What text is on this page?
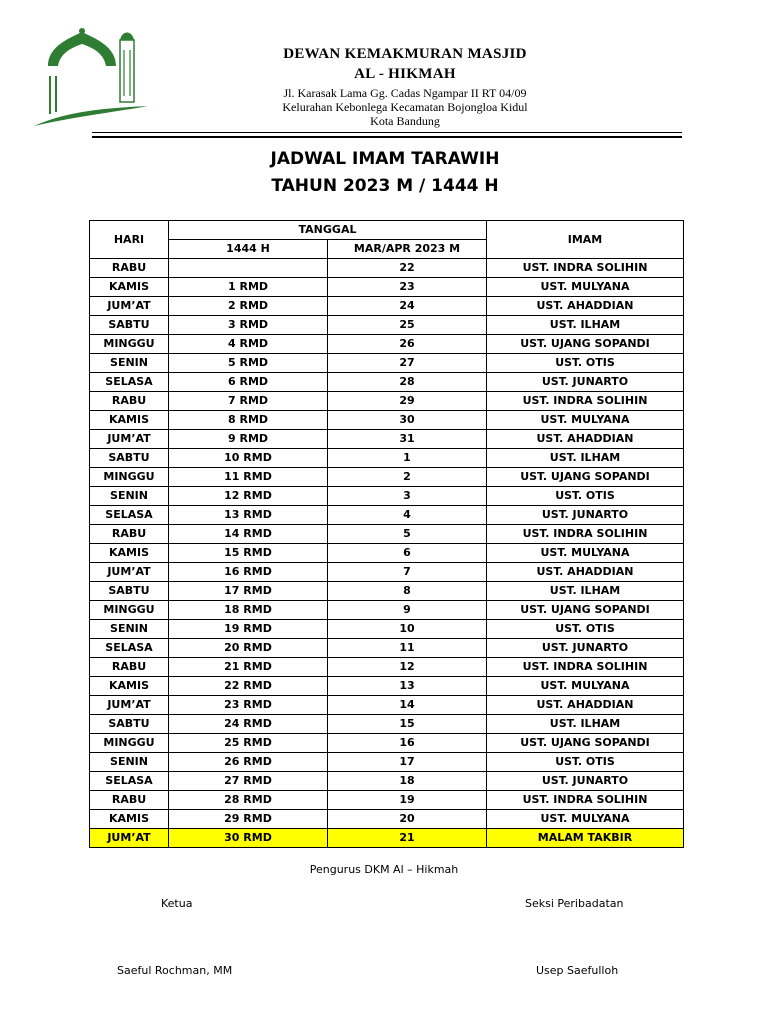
DEWAN KEMAKMURAN MASJID
AL - HIKMAH
Jl. Karasak Lama Gg. Cadas Ngampar II RT 04/09
Kelurahan Kebonlega Kecamatan Bojongloa Kidul
Kota Bandung
JADWAL IMAM TARAWIH
TAHUN 2023 M / 1444 H
HARI	TANGGAL		IMAM
	1444 H	MAR/APR 2023 M	
RABU		22	UST. INDRA SOLIHIN
KAMIS	1 RMD	23	UST. MULYANA
JUM’AT	2 RMD	24	UST. AHADDIAN
SABTU	3 RMD	25	UST. ILHAM
MINGGU	4 RMD	26	UST. UJANG SOPANDI
SENIN	5 RMD	27	UST. OTIS
SELASA	6 RMD	28	UST. JUNARTO
RABU	7 RMD	29	UST. INDRA SOLIHIN
KAMIS	8 RMD	30	UST. MULYANA
JUM’AT	9 RMD	31	UST. AHADDIAN
SABTU	10 RMD	1	UST. ILHAM
MINGGU	11 RMD	2	UST. UJANG SOPANDI
SENIN	12 RMD	3	UST. OTIS
SELASA	13 RMD	4	UST. JUNARTO
RABU	14 RMD	5	UST. INDRA SOLIHIN
KAMIS	15 RMD	6	UST. MULYANA
JUM’AT	16 RMD	7	UST. AHADDIAN
SABTU	17 RMD	8	UST. ILHAM
MINGGU	18 RMD	9	UST. UJANG SOPANDI
SENIN	19 RMD	10	UST. OTIS
SELASA	20 RMD	11	UST. JUNARTO
RABU	21 RMD	12	UST. INDRA SOLIHIN
KAMIS	22 RMD	13	UST. MULYANA
JUM’AT	23 RMD	14	UST. AHADDIAN
SABTU	24 RMD	15	UST. ILHAM
MINGGU	25 RMD	16	UST. UJANG SOPANDI
SENIN	26 RMD	17	UST. OTIS
SELASA	27 RMD	18	UST. JUNARTO
RABU	28 RMD	19	UST. INDRA SOLIHIN
KAMIS	29 RMD	20	UST. MULYANA
JUM’AT	30 RMD	21	MALAM TAKBIR
Pengurus DKM Al – Hikmah
Ketua	Seksi Peribadatan
Saeful Rochman, MM	Usep Saefulloh
